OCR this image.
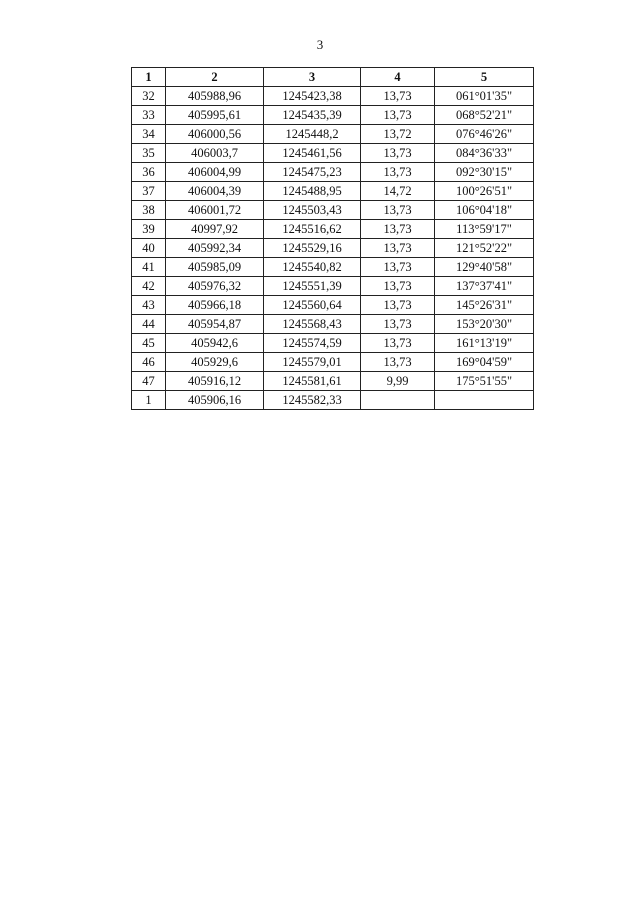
3
1	2	3	4	5
32	405988,96	1245423,38	13,73	061°01'35"
33	405995,61	1245435,39	13,73	068°52'21"
34	406000,56	1245448,2	13,72	076°46'26"
35	406003,7	1245461,56	13,73	084°36'33"
36	406004,99	1245475,23	13,73	092°30'15"
37	406004,39	1245488,95	14,72	100°26'51"
38	406001,72	1245503,43	13,73	106°04'18"
39	40997,92	1245516,62	13,73	113°59'17"
40	405992,34	1245529,16	13,73	121°52'22"
41	405985,09	1245540,82	13,73	129°40'58"
42	405976,32	1245551,39	13,73	137°37'41"
43	405966,18	1245560,64	13,73	145°26'31"
44	405954,87	1245568,43	13,73	153°20'30"
45	405942,6	1245574,59	13,73	161°13'19"
46	405929,6	1245579,01	13,73	169°04'59"
47	405916,12	1245581,61	9,99	175°51'55"
1	405906,16	1245582,33		
